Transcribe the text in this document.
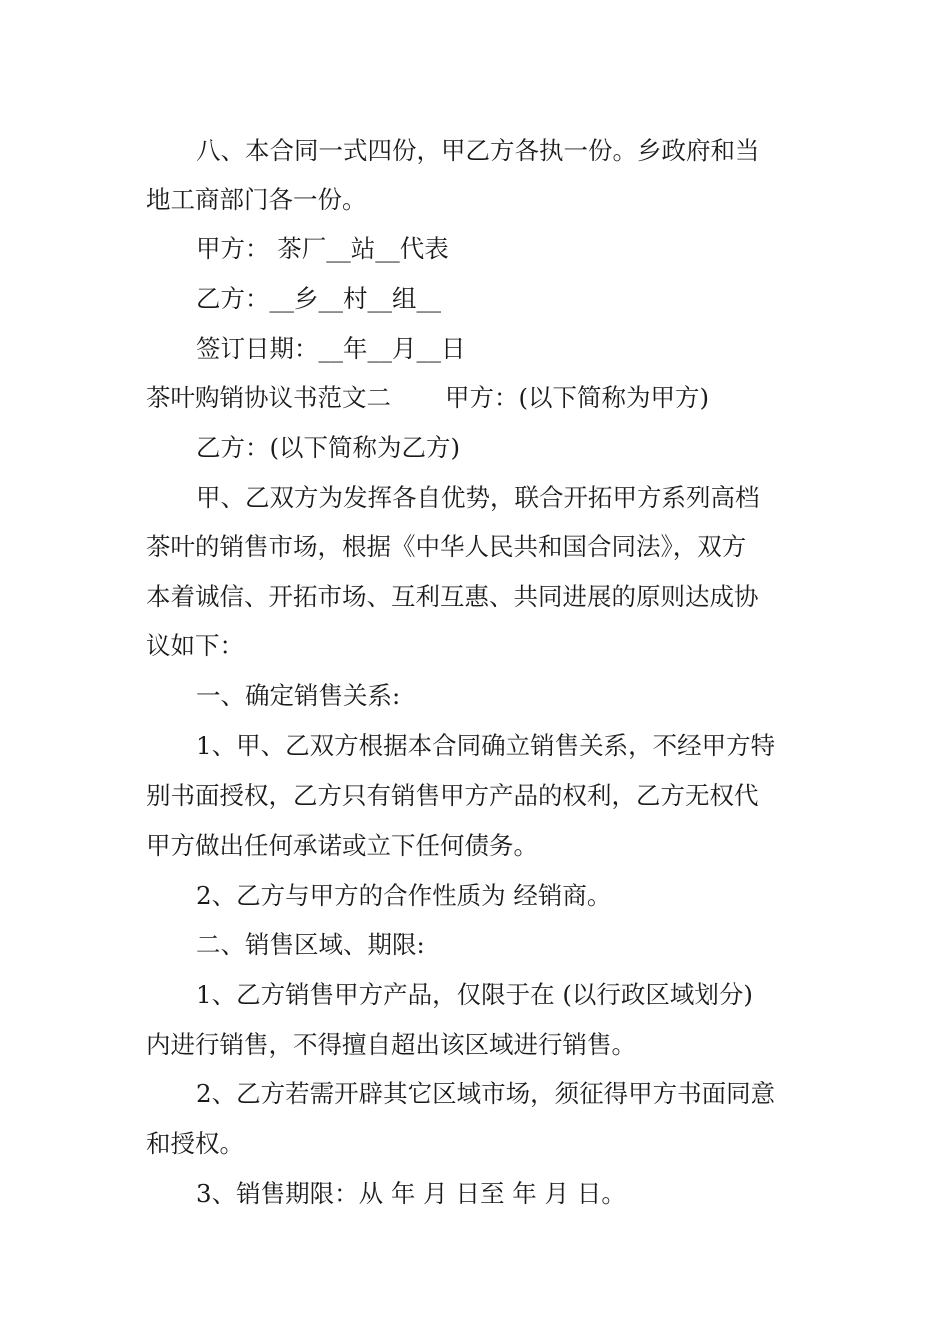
八、本合同一式四份，甲乙方各执一份。乡政府和当
地工商部门各一份。
甲方： 茶厂__站__代表
乙方：__乡__村__组__
签订日期：__年__月__日
茶叶购销协议书范文二 甲方：(以下简称为甲方)
乙方：(以下简称为乙方)
甲、乙双方为发挥各自优势，联合开拓甲方系列高档
茶叶的销售市场，根据《中华人民共和国合同法》，双方
本着诚信、开拓市场、互利互惠、共同进展的原则达成协
议如下：
一、确定销售关系:
1、甲、乙双方根据本合同确立销售关系，不经甲方特
别书面授权，乙方只有销售甲方产品的权利，乙方无权代
甲方做出任何承诺或立下任何债务。
2、乙方与甲方的合作性质为 经销商。
二、销售区域、期限:
1、乙方销售甲方产品，仅限于在 (以行政区域划分)
内进行销售，不得擅自超出该区域进行销售。
2、乙方若需开辟其它区域市场，须征得甲方书面同意
和授权。
3、销售期限：从 年 月 日至 年 月 日。
